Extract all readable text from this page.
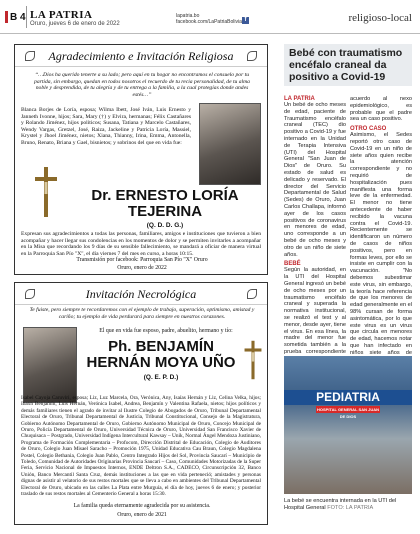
B 4 LA PATRIA
Oruro, jueves 6 de enero de 2022
lapatria.bo
facebook.com/LaPatriaBolivia f	religioso-local
Agradecimiento e Invitación Religiosa
“…Dios ha querido tenerte a su lado; pero aquí en tu hogar no encontramos el consuelo por tu partida, sin embargo, quedan en todos nosotros el recuerdo de tu recia personalidad, de tu alma noble y desprendida, de tu alegría y de tu entrega a la familia, a la cual protegías donde andes estés…”
Blanca Borjes de Loría, esposa; Wilma Ibett, José Iván, Luis Ernesto y Janneth Ivonne, hijos; Sara, Mary (†) y Elvira, hermanas; Félix Castañares y Rolando Jiménez, hijos políticos; Susana, Tatiana y Marcelo Castañares, Wendy Vargas, Gretzel, José, Raiza, Jackeline y Patricia Loría, Massiel, Krystel y Jhoel Jiménez, nietos; Xiana, Thianny, Irina, Emma, Antonella, Bruno, Renato, Briana y Gael, bisnietos; y sobrinos del que en vida fue:
Dr. ERNESTO LORÍA TEJERINA
(Q. D. D. G.)
Expresan sus agradecimientos a todas las personas, familiares, amigos e instituciones que tuvieron a bien acompañar y hacer llegar sus condolencias en los momentos de dolor y se permiten invitarles a acompañar en la Misa que recordando los 9 días de su sensible fallecimiento, se mandará a oficiar de manera virtual en la Parroquia San Pío "X", el día viernes 7 del mes en curso, a horas 10:15.
Transmisión por facebook: Parroquia San Pío "X" Oruro
Oruro, enero de 2022
Invitación Necrológica
Te fuiste, pero siempre te recordaremos con el ejemplo de trabajo, superación, optimismo, amistad y cariño; tu ejemplo de vida perdurará para siempre en nuestros corazones.
El que en vida fue esposo, padre, abuelito, hermano y tío:
Ph. BENJAMÍN HERNÁN MOYA UÑO
(Q. E. P. D.)
Isabel Cayoja Caruviri, esposa; Liz, Luz Marcela, Ora, Verónica, Any, Isaías Hernán y Liz, Celina Velka, hijos; Ibaxn Benjamín, Luis Hernán, Verónica Isabel, Andrea, Benjamín y Valentina Rafaela, nietos; hijos políticos y demás familiares tienen el agrado de invitar al Ilustre Colegio de Abogados de Oruro, Tribunal Departamental Electoral de Oruro, Tribunal Departamental de Justicia, Tribunal Constitucional, Consejo de la Magistratura, Gobierno Autónomo Departamental de Oruro, Gobierno Autónomo Municipal de Oruro, Concejo Municipal de Oruro, Policía Departamental de Oruro, Universidad Técnica de Oruro, Universidad San Francisco Xavier de Chuquisaca – Postgrado, Universidad Indígena Intercultural Kawsay – Unik, Normal Ángel Mendoza Justiniano, Programa de Formación Complementaria – Profocom, Dirección Distrital de Educación, Colegio de Auditores de Oruro, Colegio Juan Misael Saracho – Promoción 1975, Unidad Educativa Cau Braun, Colegio Magdalena Postel, Colegio Bethania, Colegio Juan Pablo, Centro Integrado Hijos del Sol, Provincia Saucarí – Municipio de Toledo, Comunidad de Autoridades Originarias Provincia Saucarí – Caso, Comunidades Motorizadas de la Super Feria, Servicio Nacional de Impuestos Internos, ENDE Deltron S.A., CADECO, Circunscripción 32, Banco Unión, Banco Mercantil Santa Cruz, demás instituciones a las que en vida perteneció; amistades y personas dignas de asistir al velatorio de sus restos mortales que se lleva a cabo en ambientes del Tribunal Departamental Electoral de Oruro, ubicado en las calles La Plata entre Murguía, el día de hoy, jueves 6 de enero; y posterior traslado de sus restos mortales al Cementerio General a horas 15:30.
La familia queda eternamente agradecida por su asistencia.
Oruro, enero de 2021
Bebé con traumatismo encéfalo craneal da positivo a Covid-19
LA PATRIA
Un bebé de ocho meses de edad, paciente de Traumatismo encéfalo craneal (TEC) dio positivo a Covid-19 y fue internado en la Unidad de Terapia Intensiva (UTI) del Hospital General "San Juan de Dios" de Oruro. Su estado de salud es delicado y reservado. El director del Servicio Departamental de Salud (Sedes) de Oruro, Juan Carlos Challapa, informó ayer de los casos positivos de coronavirus en menores de edad, uno corresponde a un bebé de ocho meses y otro de un niño de siete años.
BEBÉ
Según la autoridad, en la UTI del Hospital General ingresó un bebé de ocho meses por un traumatismo encéfalo craneal y superada la normativa institucional, se realizó el test y al menor, desde ayer, tiene el virus. En esa línea, la madre del menor fue sometida también a la prueba correspondiente
acuerdo al nexo epidemiológico, es probable que el padre sea un caso positivo.
OTRO CASO
Asimismo, el Sedes reportó otro caso de Covid-19 en un niño de siete años quien recibe la atención correspondiente y no requirió de hospitalización pues manifiesta una forma leve de la enfermedad. El menor no tiene antecedente de haber recibido la vacuna contra el Covid-19. Recientemente se identificaron un número de casos de niños positivos, pero en formas leves, por ello se insiste en cumplir con la vacunación. "No debemos subestimar este virus, sin embargo, la teoría hace referencia de que los menores de edad generalmente en el 98% cursan de forma asintomática, por lo que este virus es un virus que circula en menores de edad, hacemos notar que han infectado en niños siete años de
PEDIATRIA
HOSPITAL GENERAL SAN JUAN DE DIOS
La bebé se encuentra internada en la UTI del Hospital General FOTO: LA PATRIA
